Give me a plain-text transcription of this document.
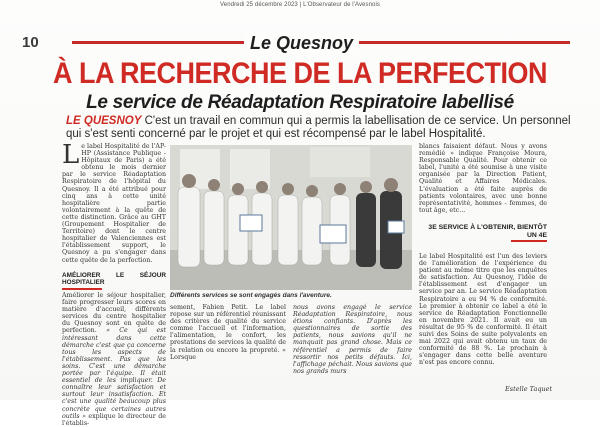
Vendredi 25 décembre 2023 | L'Observateur de l'Avesnois
10	Le Quesnoy
À LA RECHERCHE DE LA PERFECTION
Le service de Réadaptation Respiratoire labellisé
LE QUESNOY C'est un travail en commun qui a permis la labellisation de ce service. Un personnel qui s'est senti concerné par le projet et qui est récompensé par le label Hospitalité.
L e label Hospitalité de l'AP-HP (Assistance Publique - Hôpitaux de Paris) a été obtenu le mois dernier par le service Réadaptation Respiratoire de l'hôpital du Quesnoy. Il a été attribué pour cinq ans à cette unité hospitalière partie volontairement à la quête de cette distinction. Grâce au GHT (Groupement Hospitalier de Territoire) dont le centre hospitalier de Valenciennes est l'établissement support, le Quesnoy a pu s'engager dans cette quête de la perfection.
AMÉLIORER LE SÉJOUR HOSPITALIER
Améliorer le séjour hospitalier, faire progresser leurs scores en matière d'accueil, différents services du centre hospitalier du Quesnoy sont en quête de perfection. « Ce qui est intéressant dans cette démarche c'est que ça concerne tous les aspects de l'établissement. Pas que les soins. C'est une démarche portée par l'équipe. Il était essentiel de les impliquer. De connaître leur satisfaction et surtout leur insatisfaction. Et c'est une qualité beaucoup plus concrète que certaines autres outils » explique le directeur de l'établis-
Différents services se sont engagés dans l'aventure.
sement, Fabien Petit. Le label repose sur un référentiel réunissant des critères de qualité du service comme l'accueil et l'information, l'alimentation, le confort, les prestations de services la qualité de la relation ou encore la propreté. « Lorsque
nous avons engagé le service Réadaptation Respiratoire, nous étions confiants. D'après les questionnaires de sortie des patients, nous savions qu'il ne manquait pas grand chose. Mais ce référentiel a permis de faire ressortir nos petits défauts. Ici, l'affichage péchait. Nous savions que nos grands murs
blancs faisaient défaut. Nous y avons remédié » indique Françoise Moura, Responsable Qualité. Pour obtenir ce label, l'unité a été soumise à une visite organisée par la Direction Patient, Qualité et Affaires Médicales. L'évaluation a été faite auprès de patients volontaires, avec une bonne représentativité, hommes - femmes, de tout âge, etc...
3E SERVICE À L'OBTENIR, BIENTÔT UN 4E
Le label Hospitalité est l'un des leviers de l'amélioration de l'expérience du patient au même titre que les enquêtes de satisfaction. Au Quesnoy, l'idée de l'établissement est d'engager un service par an. Le service Réadaptation Respiratoire a eu 94 % de conformité. Le premier à obtenir ce label a été le service de Réadaptation Fonctionnelle en novembre 2021. Il avait eu un résultat de 95 % de conformité. Il était suivi des Soins de suite polyvalents en mai 2022 qui avait obtenu un taux de conformité de 88 %. Le prochain à s'engager dans cette belle aventure n'est pas encore connu.
Estelle Taquet
